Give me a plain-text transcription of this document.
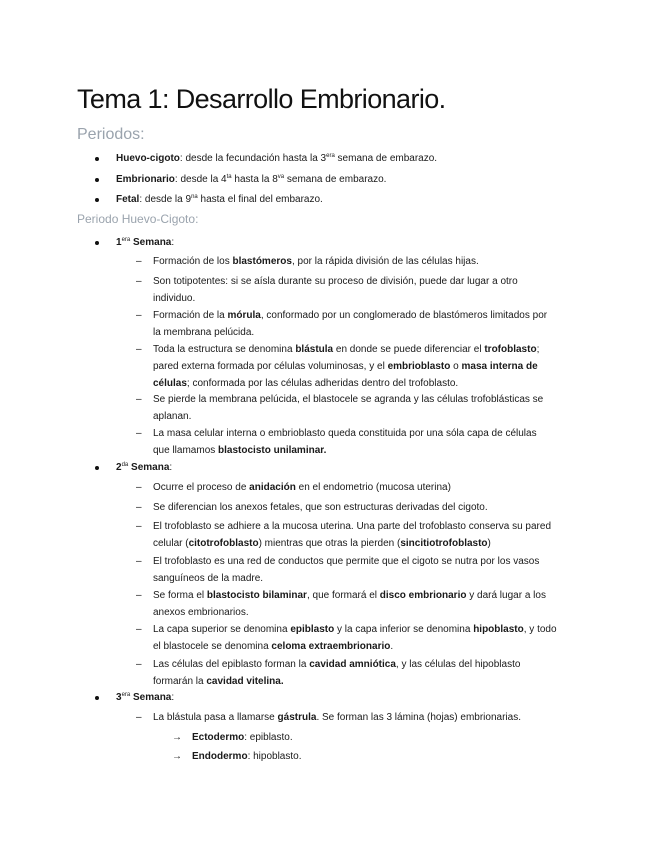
Tema 1: Desarrollo Embrionario.
Periodos:
Huevo-cigoto: desde la fecundación hasta la $3^{era}$ semana de embarazo.
Embrionario: desde la $4^{ta}$ hasta la $8^{va}$ semana de embarazo.
Fetal: desde la $9^{na}$ hasta el final del embarazo.
Periodo Huevo-Cigoto:
$1^{era}$ Semana:
– Formación de los blastómeros, por la rápida división de las células hijas.
– Son totipotentes: si se aísla durante su proceso de división, puede dar lugar a otro
individuo.
– Formación de la mórula, conformado por un conglomerado de blastómeros limitados por
la membrana pelúcida.
– Toda la estructura se denomina blástula en donde se puede diferenciar el trofoblasto;
pared externa formada por células voluminosas, y el embrioblasto o masa interna de
células; conformada por las células adheridas dentro del trofoblasto.
– Se pierde la membrana pelúcida, el blastocele se agranda y las células trofoblásticas se
aplanan.
– La masa celular interna o embrioblasto queda constituida por una sóla capa de células
que llamamos blastocisto unilaminar.
$2^{da}$ Semana:
– Ocurre el proceso de anidación en el endometrio (mucosa uterina)
– Se diferencian los anexos fetales, que son estructuras derivadas del cigoto.
– El trofoblasto se adhiere a la mucosa uterina. Una parte del trofoblasto conserva su pared
celular (citotrofoblasto) mientras que otras la pierden (sincitiotrofoblasto)
– El trofoblasto es una red de conductos que permite que el cigoto se nutra por los vasos
sanguíneos de la madre.
– Se forma el blastocisto bilaminar, que formará el disco embrionario y dará lugar a los
anexos embrionarios.
– La capa superior se denomina epiblasto y la capa inferior se denomina hipoblasto, y todo
el blastocele se denomina celoma extraembrionario.
– Las células del epiblasto forman la cavidad amniótica, y las células del hipoblasto
formarán la cavidad vitelina.
$3^{era}$ Semana:
– La blástula pasa a llamarse gástrula. Se forman las 3 lámina (hojas) embrionarias.
→ Ectodermo: epiblasto.
→ Endodermo: hipoblasto.
